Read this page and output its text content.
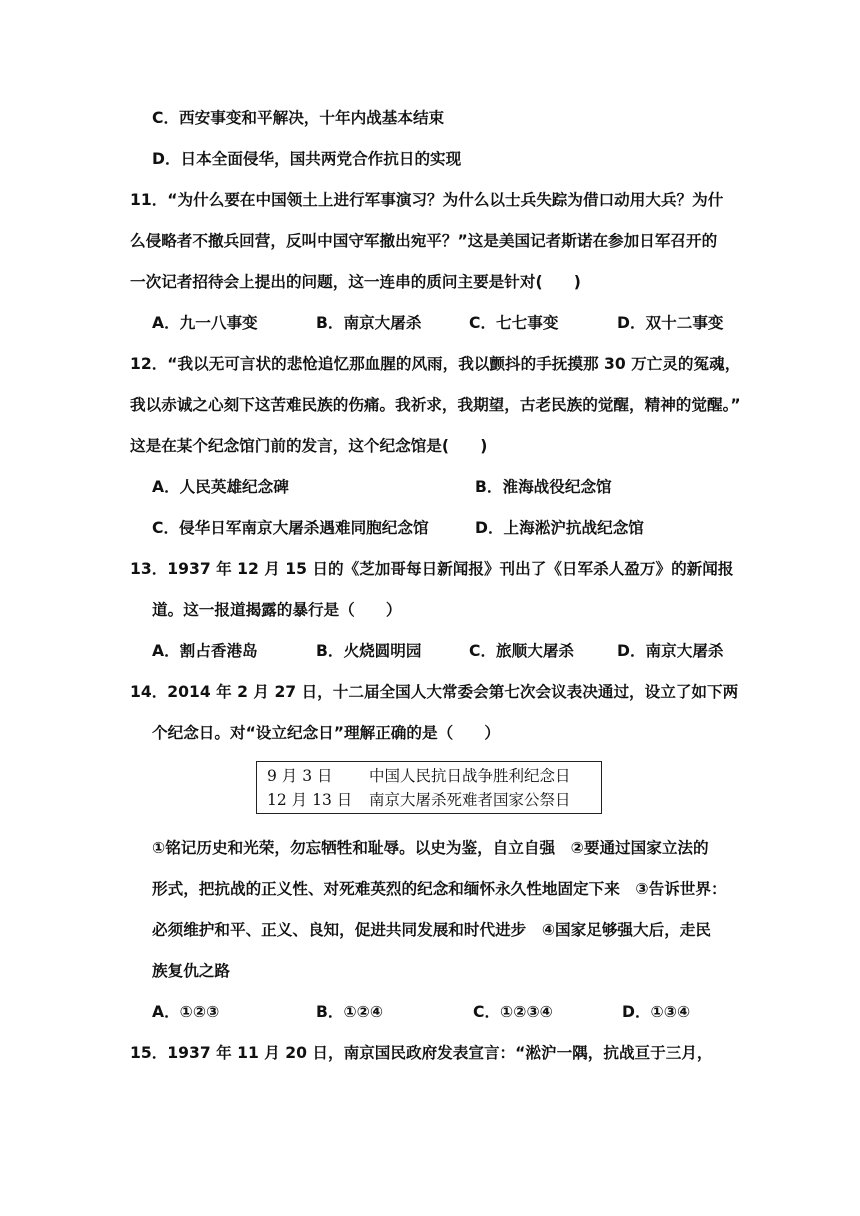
C．西安事变和平解决，十年内战基本结束
D．日本全面侵华，国共两党合作抗日的实现
11．“为什么要在中国领土上进行军事演习？为什么以士兵失踪为借口动用大兵？为什
么侵略者不撤兵回营，反叫中国守军撤出宛平？”这是美国记者斯诺在参加日军召开的
一次记者招待会上提出的问题，这一连串的质问主要是针对(　　)
A．九一八事变	B．南京大屠杀	C．七七事变	D．双十二事变
12．“我以无可言状的悲怆追忆那血腥的风雨，我以颤抖的手抚摸那 30 万亡灵的冤魂，
我以赤诚之心刻下这苦难民族的伤痛。我祈求，我期望，古老民族的觉醒，精神的觉醒。”
这是在某个纪念馆门前的发言，这个纪念馆是(　　)
A．人民英雄纪念碑	B．淮海战役纪念馆
C．侵华日军南京大屠杀遇难同胞纪念馆	D．上海淞沪抗战纪念馆
13．1937 年 12 月 15 日的《芝加哥每日新闻报》刊出了《日军杀人盈万》的新闻报
道。这一报道揭露的暴行是（　　）
A．割占香港岛	B．火烧圆明园	C．旅顺大屠杀	D．南京大屠杀
14．2014 年 2 月 27 日，十二届全国人大常委会第七次会议表决通过，设立了如下两
个纪念日。对“设立纪念日”理解正确的是（　　）
9 月 3 日 中国人民抗日战争胜利纪念日
12 月 13 日 南京大屠杀死难者国家公祭日
①铭记历史和光荣，勿忘牺牲和耻辱。以史为鉴，自立自强　②要通过国家立法的
形式，把抗战的正义性、对死难英烈的纪念和缅怀永久性地固定下来　③告诉世界：
必须维护和平、正义、良知，促进共同发展和时代进步　④国家足够强大后，走民
族复仇之路
A．①②③	B．①②④	C．①②③④	D．①③④
15．1937 年 11 月 20 日，南京国民政府发表宣言：“淞沪一隅，抗战亘于三月，
